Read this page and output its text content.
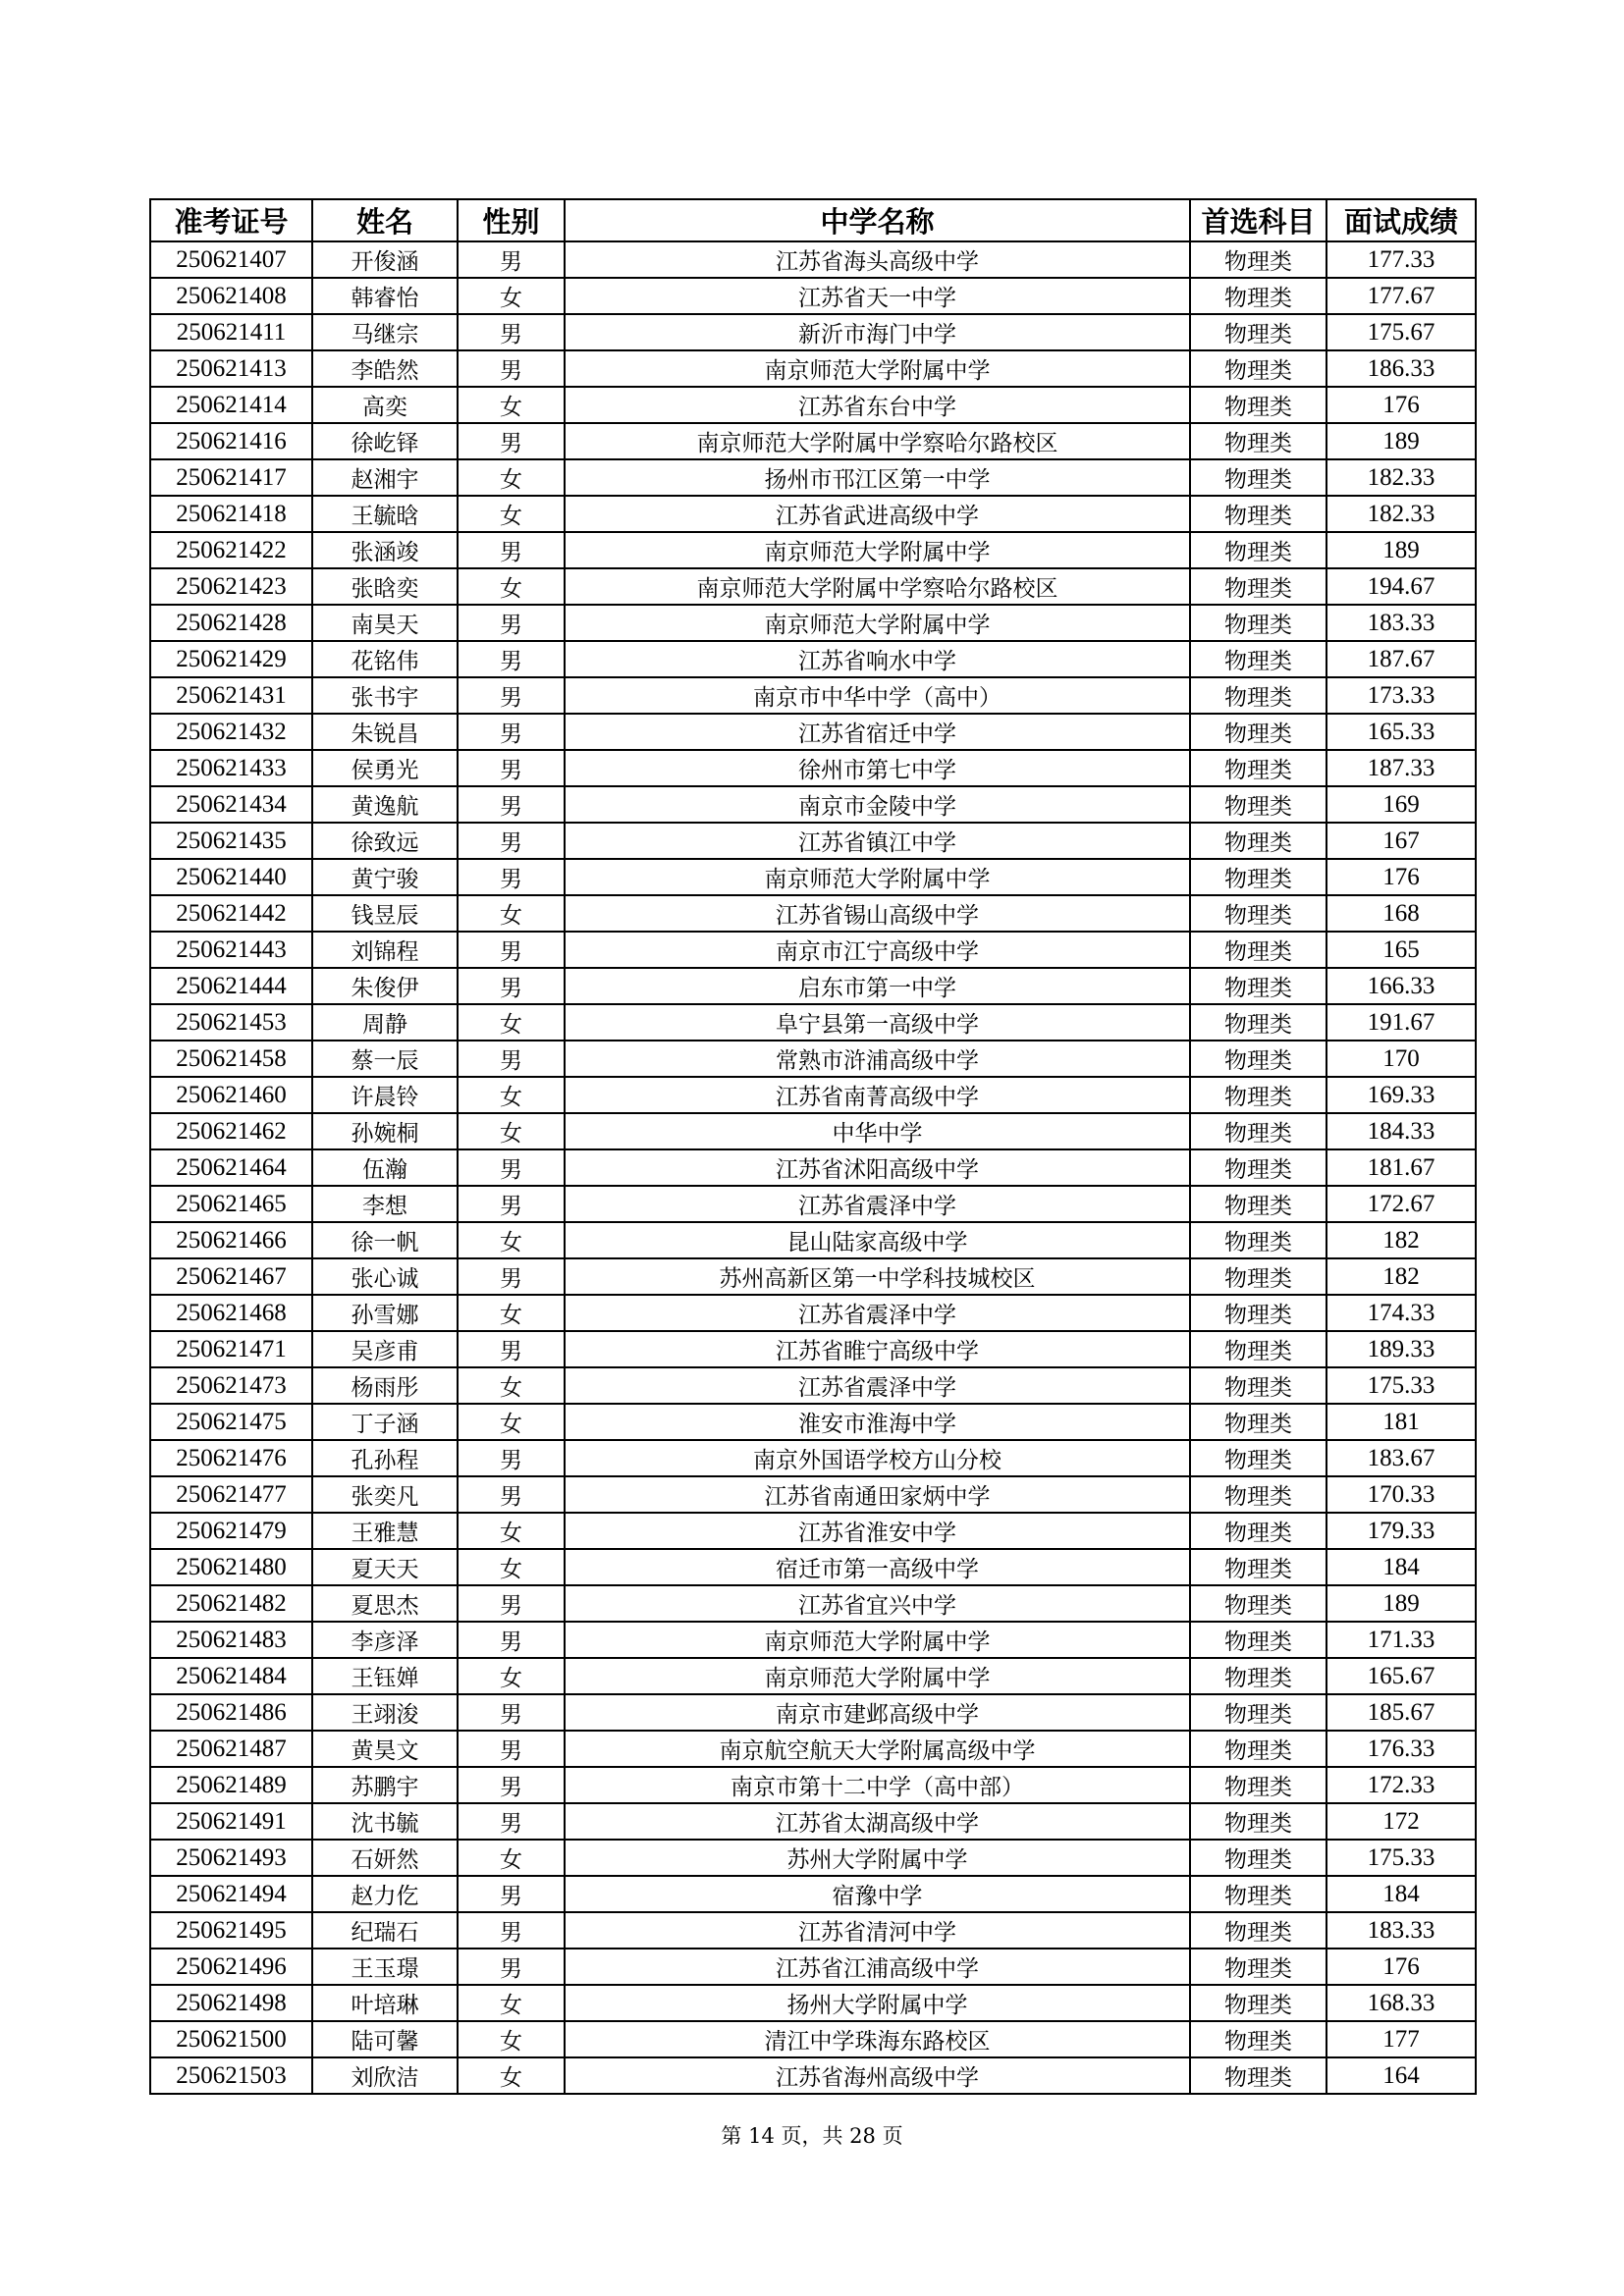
准考证号	姓名	性别	中学名称	首选科目	面试成绩
250621407	开俊涵	男	江苏省海头高级中学	物理类	177.33
250621408	韩睿怡	女	江苏省天一中学	物理类	177.67
250621411	马继宗	男	新沂市海门中学	物理类	175.67
250621413	李皓然	男	南京师范大学附属中学	物理类	186.33
250621414	高奕	女	江苏省东台中学	物理类	176
250621416	徐屹铎	男	南京师范大学附属中学察哈尔路校区	物理类	189
250621417	赵湘宇	女	扬州市邗江区第一中学	物理类	182.33
250621418	王毓晗	女	江苏省武进高级中学	物理类	182.33
250621422	张涵竣	男	南京师范大学附属中学	物理类	189
250621423	张晗奕	女	南京师范大学附属中学察哈尔路校区	物理类	194.67
250621428	南昊天	男	南京师范大学附属中学	物理类	183.33
250621429	花铭伟	男	江苏省响水中学	物理类	187.67
250621431	张书宇	男	南京市中华中学（高中）	物理类	173.33
250621432	朱锐昌	男	江苏省宿迁中学	物理类	165.33
250621433	侯勇光	男	徐州市第七中学	物理类	187.33
250621434	黄逸航	男	南京市金陵中学	物理类	169
250621435	徐致远	男	江苏省镇江中学	物理类	167
250621440	黄宁骏	男	南京师范大学附属中学	物理类	176
250621442	钱昱辰	女	江苏省锡山高级中学	物理类	168
250621443	刘锦程	男	南京市江宁高级中学	物理类	165
250621444	朱俊伊	男	启东市第一中学	物理类	166.33
250621453	周静	女	阜宁县第一高级中学	物理类	191.67
250621458	蔡一辰	男	常熟市浒浦高级中学	物理类	170
250621460	许晨铃	女	江苏省南菁高级中学	物理类	169.33
250621462	孙婉桐	女	中华中学	物理类	184.33
250621464	伍瀚	男	江苏省沭阳高级中学	物理类	181.67
250621465	李想	男	江苏省震泽中学	物理类	172.67
250621466	徐一帆	女	昆山陆家高级中学	物理类	182
250621467	张心诚	男	苏州高新区第一中学科技城校区	物理类	182
250621468	孙雪娜	女	江苏省震泽中学	物理类	174.33
250621471	吴彦甫	男	江苏省睢宁高级中学	物理类	189.33
250621473	杨雨彤	女	江苏省震泽中学	物理类	175.33
250621475	丁子涵	女	淮安市淮海中学	物理类	181
250621476	孔孙程	男	南京外国语学校方山分校	物理类	183.67
250621477	张奕凡	男	江苏省南通田家炳中学	物理类	170.33
250621479	王雅慧	女	江苏省淮安中学	物理类	179.33
250621480	夏天天	女	宿迁市第一高级中学	物理类	184
250621482	夏思杰	男	江苏省宜兴中学	物理类	189
250621483	李彦泽	男	南京师范大学附属中学	物理类	171.33
250621484	王钰婵	女	南京师范大学附属中学	物理类	165.67
250621486	王翊浚	男	南京市建邺高级中学	物理类	185.67
250621487	黄昊文	男	南京航空航天大学附属高级中学	物理类	176.33
250621489	苏鹏宇	男	南京市第十二中学（高中部）	物理类	172.33
250621491	沈书毓	男	江苏省太湖高级中学	物理类	172
250621493	石妍然	女	苏州大学附属中学	物理类	175.33
250621494	赵力仡	男	宿豫中学	物理类	184
250621495	纪瑞石	男	江苏省清河中学	物理类	183.33
250621496	王玉璟	男	江苏省江浦高级中学	物理类	176
250621498	叶培琳	女	扬州大学附属中学	物理类	168.33
250621500	陆可馨	女	清江中学珠海东路校区	物理类	177
250621503	刘欣洁	女	江苏省海州高级中学	物理类	164
第 14 页，共 28 页
